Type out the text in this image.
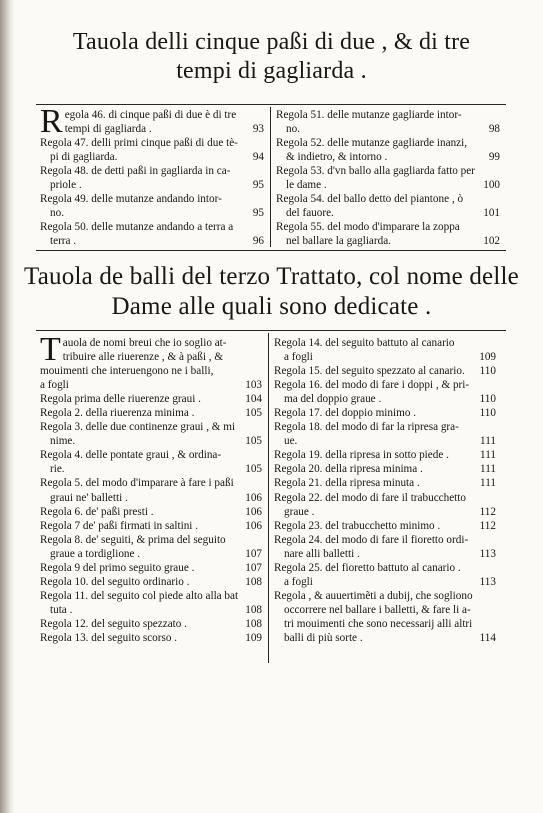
Tauola delli cinque paßi di due , & di tre
tempi di gagliarda .
R egola 46. di cinque paßi di due è di tre
tempi di gagliarda .	93
Regola 47. delli primi cinque paßi di due tè-
pi di gagliarda.	94
Regola 48. de detti paßi in gagliarda in ca-
priole .	95
Regola 49. delle mutanze andando intor-
no.	95
Regola 50. delle mutanze andando a terra a
terra .	96
Regola 51. delle mutanze gagliarde intor-
no.	98
Regola 52. delle mutanze gagliarde inanzi,
& indietro, & intorno .	99
Regola 53. d'vn ballo alla gagliarda fatto per
le dame .	100
Regola 54. del ballo detto del piantone , ò
del fauore.	101
Regola 55. del modo d'imparare la zoppa
nel ballare la gagliarda.	102
Tauola de balli del terzo Trattato, col nome delle
Dame alle quali sono dedicate .
T auola de nomi breui che io soglio at-
tribuire alle riuerenze , & à paßi , &
mouimenti che interuengono ne i balli,
a fogli	103
Regola prima delle riuerenze graui .	104
Regola 2. della riuerenza minima .	105
Regola 3. delle due continenze graui , & mi
nime.	105
Regola 4. delle pontate graui , & ordina-
rie.	105
Regola 5. del modo d'imparare à fare i paßi
graui ne' balletti .	106
Regola 6. de' paßi presti .	106
Regola 7 de' paßi firmati in saltini .	106
Regola 8. de' seguiti, & prima del seguito
graue a tordiglione .	107
Regola 9 del primo seguito graue .	107
Regola 10. del seguito ordinario .	108
Regola 11. del seguito col piede alto alla bat
tuta .	108
Regola 12. del seguito spezzato .	108
Regola 13. del seguito scorso .	109
Regola 14. del seguito battuto al canario
a fogli	109
Regola 15. del seguito spezzato al canario.	110
Regola 16. del modo di fare i doppi , & pri-
ma del doppio graue .	110
Regola 17. del doppio minimo .	110
Regola 18. del modo di far la ripresa gra-
ue.	111
Regola 19. della ripresa in sotto piede .	111
Regola 20. della ripresa minima .	111
Regola 21. della ripresa minuta .	111
Regola 22. del modo di fare il trabucchetto
graue .	112
Regola 23. del trabucchetto minimo .	112
Regola 24. del modo di fare il fioretto ordi-
nare alli balletti .	113
Regola 25. del fioretto battuto al canario .
a fogli	113
Regola , & auuertimẽti a dubij, che sogliono
occorrere nel ballare i balletti, & fare li a-
tri mouimenti che sono necessarij alli altri
balli di più sorte .	114
